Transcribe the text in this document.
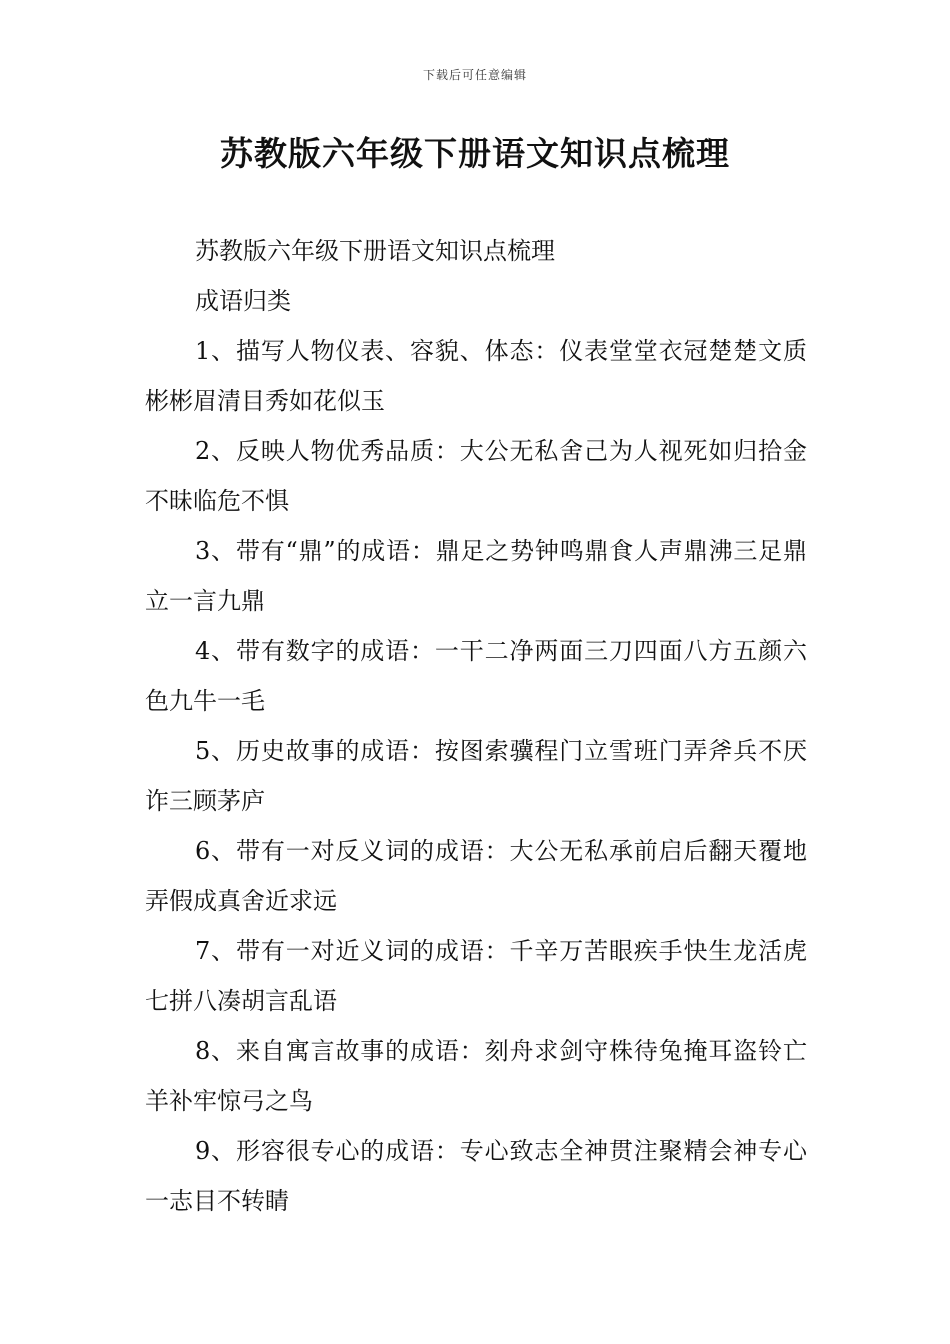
下载后可任意编辑
苏教版六年级下册语文知识点梳理

苏教版六年级下册语文知识点梳理

成语归类

1、描写人物仪表、容貌、体态：仪表堂堂衣冠楚楚文质彬彬眉清目秀如花似玉

2、反映人物优秀品质：大公无私舍己为人视死如归拾金不昧临危不惧

3、带有“鼎”的成语：鼎足之势钟鸣鼎食人声鼎沸三足鼎立一言九鼎

4、带有数字的成语：一干二净两面三刀四面八方五颜六色九牛一毛

5、历史故事的成语：按图索骥程门立雪班门弄斧兵不厌诈三顾茅庐

6、带有一对反义词的成语：大公无私承前启后翻天覆地弄假成真舍近求远

7、带有一对近义词的成语：千辛万苦眼疾手快生龙活虎七拼八凑胡言乱语

8、来自寓言故事的成语：刻舟求剑守株待兔掩耳盗铃亡羊补牢惊弓之鸟

9、形容很专心的成语：专心致志全神贯注聚精会神专心一志目不转睛
